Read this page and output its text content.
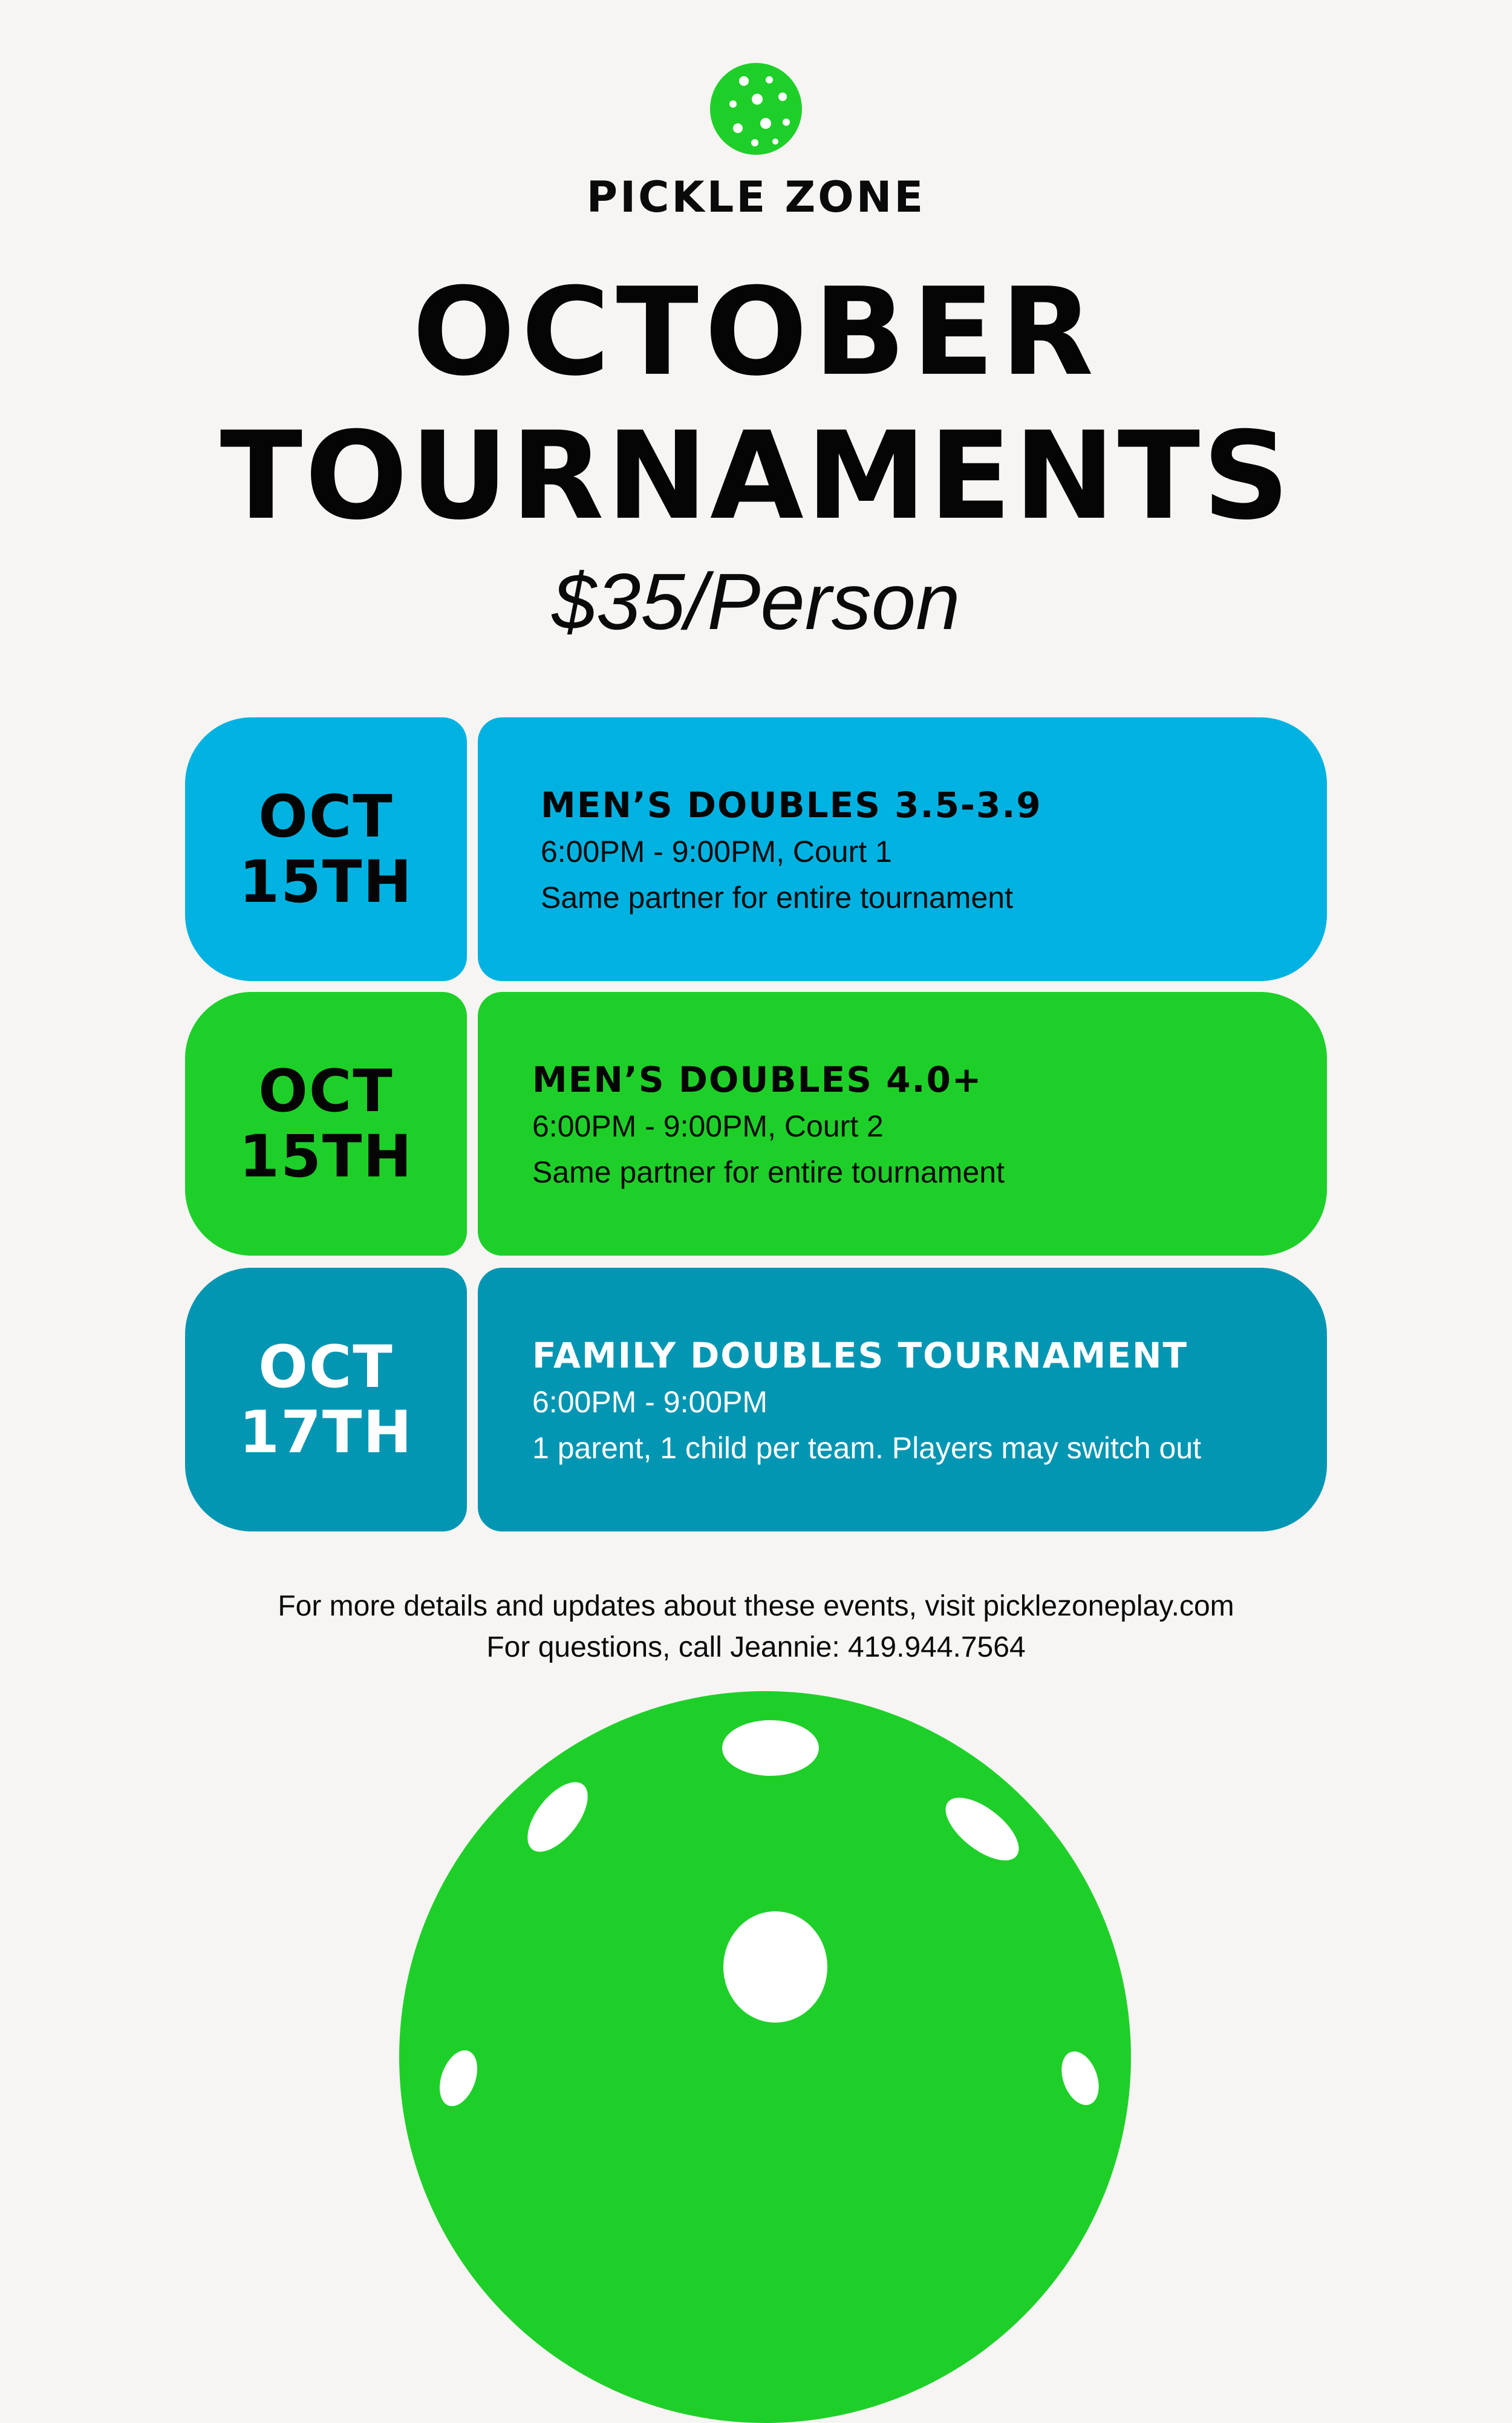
PICKLE ZONE
OCTOBER
TOURNAMENTS
$35/Person
OCT
15TH
MEN’S DOUBLES 3.5-3.9
6:00PM - 9:00PM, Court 1
Same partner for entire tournament
OCT
15TH
MEN’S DOUBLES 4.0+
6:00PM - 9:00PM, Court 2
Same partner for entire tournament
OCT
17TH
FAMILY DOUBLES TOURNAMENT
6:00PM - 9:00PM
1 parent, 1 child per team. Players may switch out
For more details and updates about these events, visit picklezoneplay.com
For questions, call Jeannie: 419.944.7564
